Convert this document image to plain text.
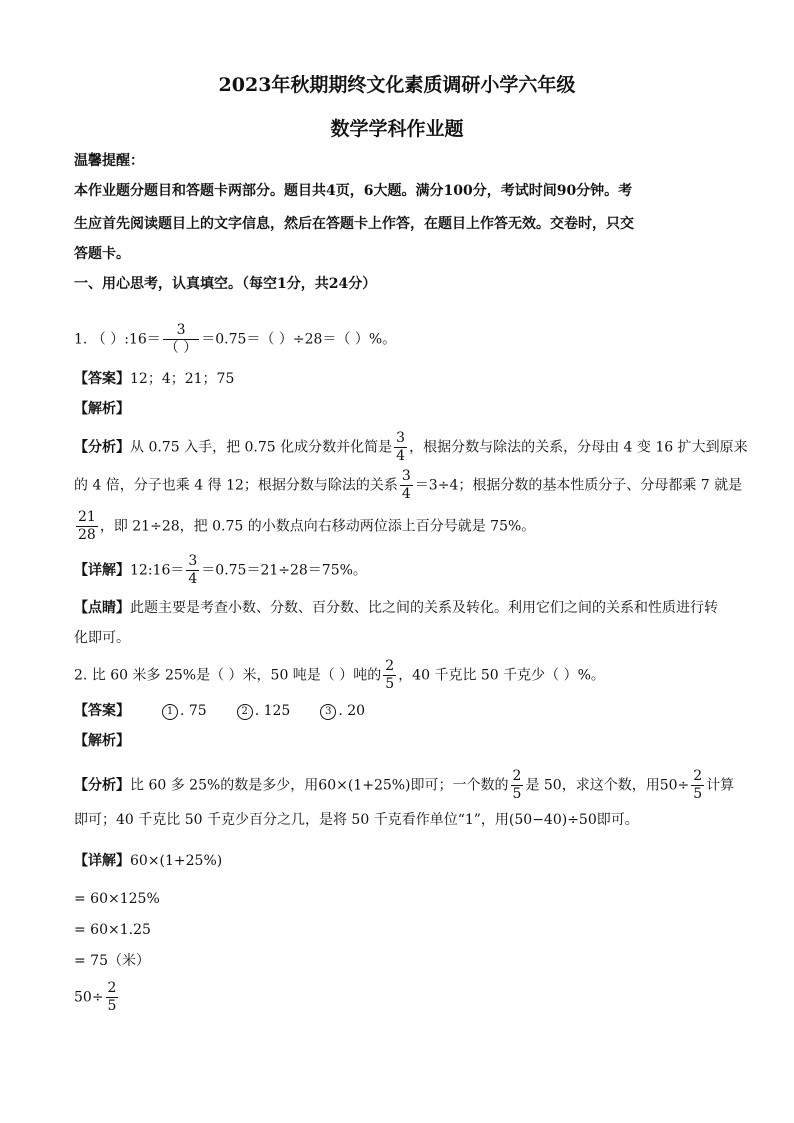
2023年秋期期终文化素质调研小学六年级
数学学科作业题
温馨提醒：
本作业题分题目和答题卡两部分。题目共4页，6大题。满分100分，考试时间90分钟。考
生应首先阅读题目上的文字信息，然后在答题卡上作答，在题目上作答无效。交卷时，只交
答题卡。
一、用心思考，认真填空。（每空1分，共24分）
1. （ ）:16＝ $\frac{3}{( )} =0.75=$（ ）÷28＝（ ）%。
【答案】12；4；21；75
【解析】
【分析】从 0.75 入手，把 0.75 化成分数并化简是 $\frac{3}{4}$ ，根据分数与除法的关系，分母由 4 变 16 扩大到原来
的 4 倍，分子也乘 4 得 12；根据分数与除法的关系 $\frac{3}{4} =3\div 4$；根据分数的基本性质分子、分母都乘 7 就是
$\frac{21}{28}$ ，即 21÷28，把 0.75 的小数点向右移动两位添上百分号就是 75%。
【详解】12:16＝ $\frac{3}{4} =0.75=21\div 28=75\%$。
【点睛】此题主要是考查小数、分数、百分数、比之间的关系及转化。利用它们之间的关系和性质进行转
化即可。
2. 比 60 米多 25%是（ ）米，50 吨是（ ）吨的 $\frac{2}{5}$ ，40 千克比 50 千克少（ ）%。
【答案】	1 . 75	2 . 125	3 . 20
【解析】
【分析】比 60 多 25%的数是多少，用60×(1+25%)即可；一个数的 $\frac{2}{5}$ 是 50，求这个数，用$50\div \frac{2}{5}$ 计算
即可；40 千克比 50 千克少百分之几，是将 50 千克看作单位“1”，用(50−40)÷50即可。
【详解】60×(1+25%)
= 60×125%
= 60×1.25
= 75（米）
$50\div \frac{2}{5}$
